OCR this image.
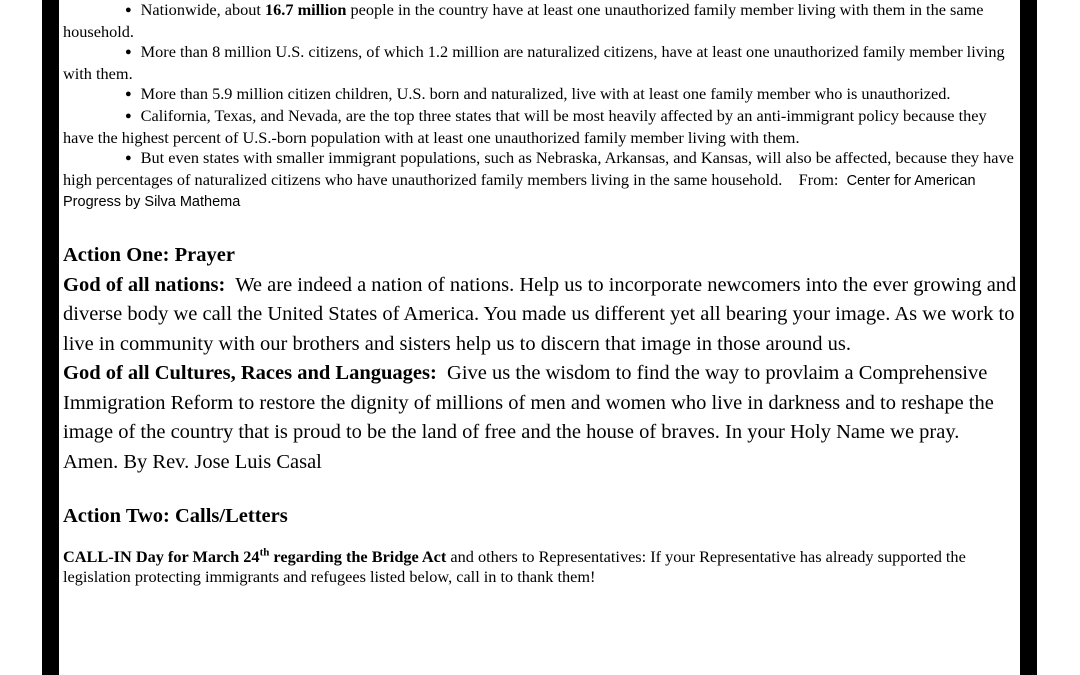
● Nationwide, about 16.7 million people in the country have at least one unauthorized family member living with them in the same household.

● More than 8 million U.S. citizens, of which 1.2 million are naturalized citizens, have at least one unauthorized family member living with them.

● More than 5.9 million citizen children, U.S. born and naturalized, live with at least one family member who is unauthorized.

● California, Texas, and Nevada, are the top three states that will be most heavily affected by an anti-immigrant policy because they have the highest percent of U.S.-born population with at least one unauthorized family member living with them.

● But even states with smaller immigrant populations, such as Nebraska, Arkansas, and Kansas, will also be affected, because they have high percentages of naturalized citizens who have unauthorized family members living in the same household. From: Center for American Progress by Silva Mathema

Action One: Prayer

God of all nations: We are indeed a nation of nations. Help us to incorporate newcomers into the ever growing and diverse body we call the United States of America. You made us different yet all bearing your image. As we work to live in community with our brothers and sisters help us to discern that image in those around us.

God of all Cultures, Races and Languages: Give us the wisdom to find the way to provlaim a Comprehensive Immigration Reform to restore the dignity of millions of men and women who live in darkness and to reshape the image of the country that is proud to be the land of free and the house of braves. In your Holy Name we pray. Amen. By Rev. Jose Luis Casal

Action Two: Calls/Letters

CALL-IN Day for March 24th regarding the Bridge Act and others to Representatives: If your Representative has already supported the legislation protecting immigrants and refugees listed below, call in to thank them!
